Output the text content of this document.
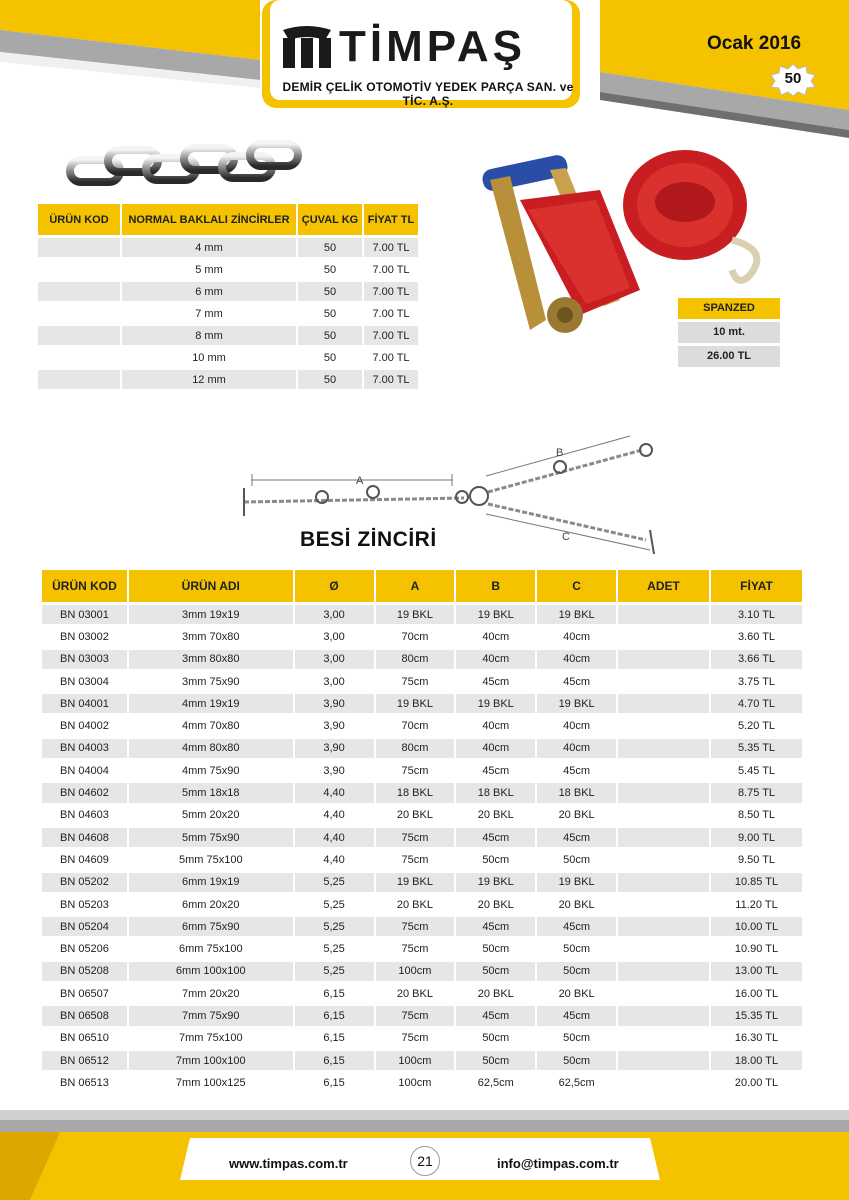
TİMPAŞ
DEMİR ÇELİK OTOMOTİV YEDEK PARÇA SAN. ve TİC. A.Ş.
Ocak 2016
50
ÜRÜN KOD	NORMAL BAKLALI ZİNCİRLER	ÇUVAL KG	FİYAT TL
	4 mm	50	7.00 TL
	5 mm	50	7.00 TL
	6 mm	50	7.00 TL
	7 mm	50	7.00 TL
	8 mm	50	7.00 TL
	10 mm	50	7.00 TL
	12 mm	50	7.00 TL
SPANZED
10 mt.
26.00 TL
A
B
C
BESİ ZİNCİRİ
ÜRÜN KOD	ÜRÜN ADI	Ø	A	B	C	ADET	FİYAT
BN 03001	3mm 19x19	3,00	19 BKL	19 BKL	19 BKL		3.10 TL
BN 03002	3mm 70x80	3,00	70cm	40cm	40cm		3.60 TL
BN 03003	3mm 80x80	3,00	80cm	40cm	40cm		3.66 TL
BN 03004	3mm 75x90	3,00	75cm	45cm	45cm		3.75 TL
BN 04001	4mm 19x19	3,90	19 BKL	19 BKL	19 BKL		4.70 TL
BN 04002	4mm 70x80	3,90	70cm	40cm	40cm		5.20 TL
BN 04003	4mm 80x80	3,90	80cm	40cm	40cm		5.35 TL
BN 04004	4mm 75x90	3,90	75cm	45cm	45cm		5.45 TL
BN 04602	5mm 18x18	4,40	18 BKL	18 BKL	18 BKL		8.75 TL
BN 04603	5mm 20x20	4,40	20 BKL	20 BKL	20 BKL		8.50 TL
BN 04608	5mm 75x90	4,40	75cm	45cm	45cm		9.00 TL
BN 04609	5mm 75x100	4,40	75cm	50cm	50cm		9.50 TL
BN 05202	6mm 19x19	5,25	19 BKL	19 BKL	19 BKL		10.85 TL
BN 05203	6mm 20x20	5,25	20 BKL	20 BKL	20 BKL		11.20 TL
BN 05204	6mm 75x90	5,25	75cm	45cm	45cm		10.00 TL
BN 05206	6mm 75x100	5,25	75cm	50cm	50cm		10.90 TL
BN 05208	6mm 100x100	5,25	100cm	50cm	50cm		13.00 TL
BN 06507	7mm 20x20	6,15	20 BKL	20 BKL	20 BKL		16.00 TL
BN 06508	7mm 75x90	6,15	75cm	45cm	45cm		15.35 TL
BN 06510	7mm 75x100	6,15	75cm	50cm	50cm		16.30 TL
BN 06512	7mm 100x100	6,15	100cm	50cm	50cm		18.00 TL
BN 06513	7mm 100x125	6,15	100cm	62,5cm	62,5cm		20.00 TL
www.timpas.com.tr	21	info@timpas.com.tr
